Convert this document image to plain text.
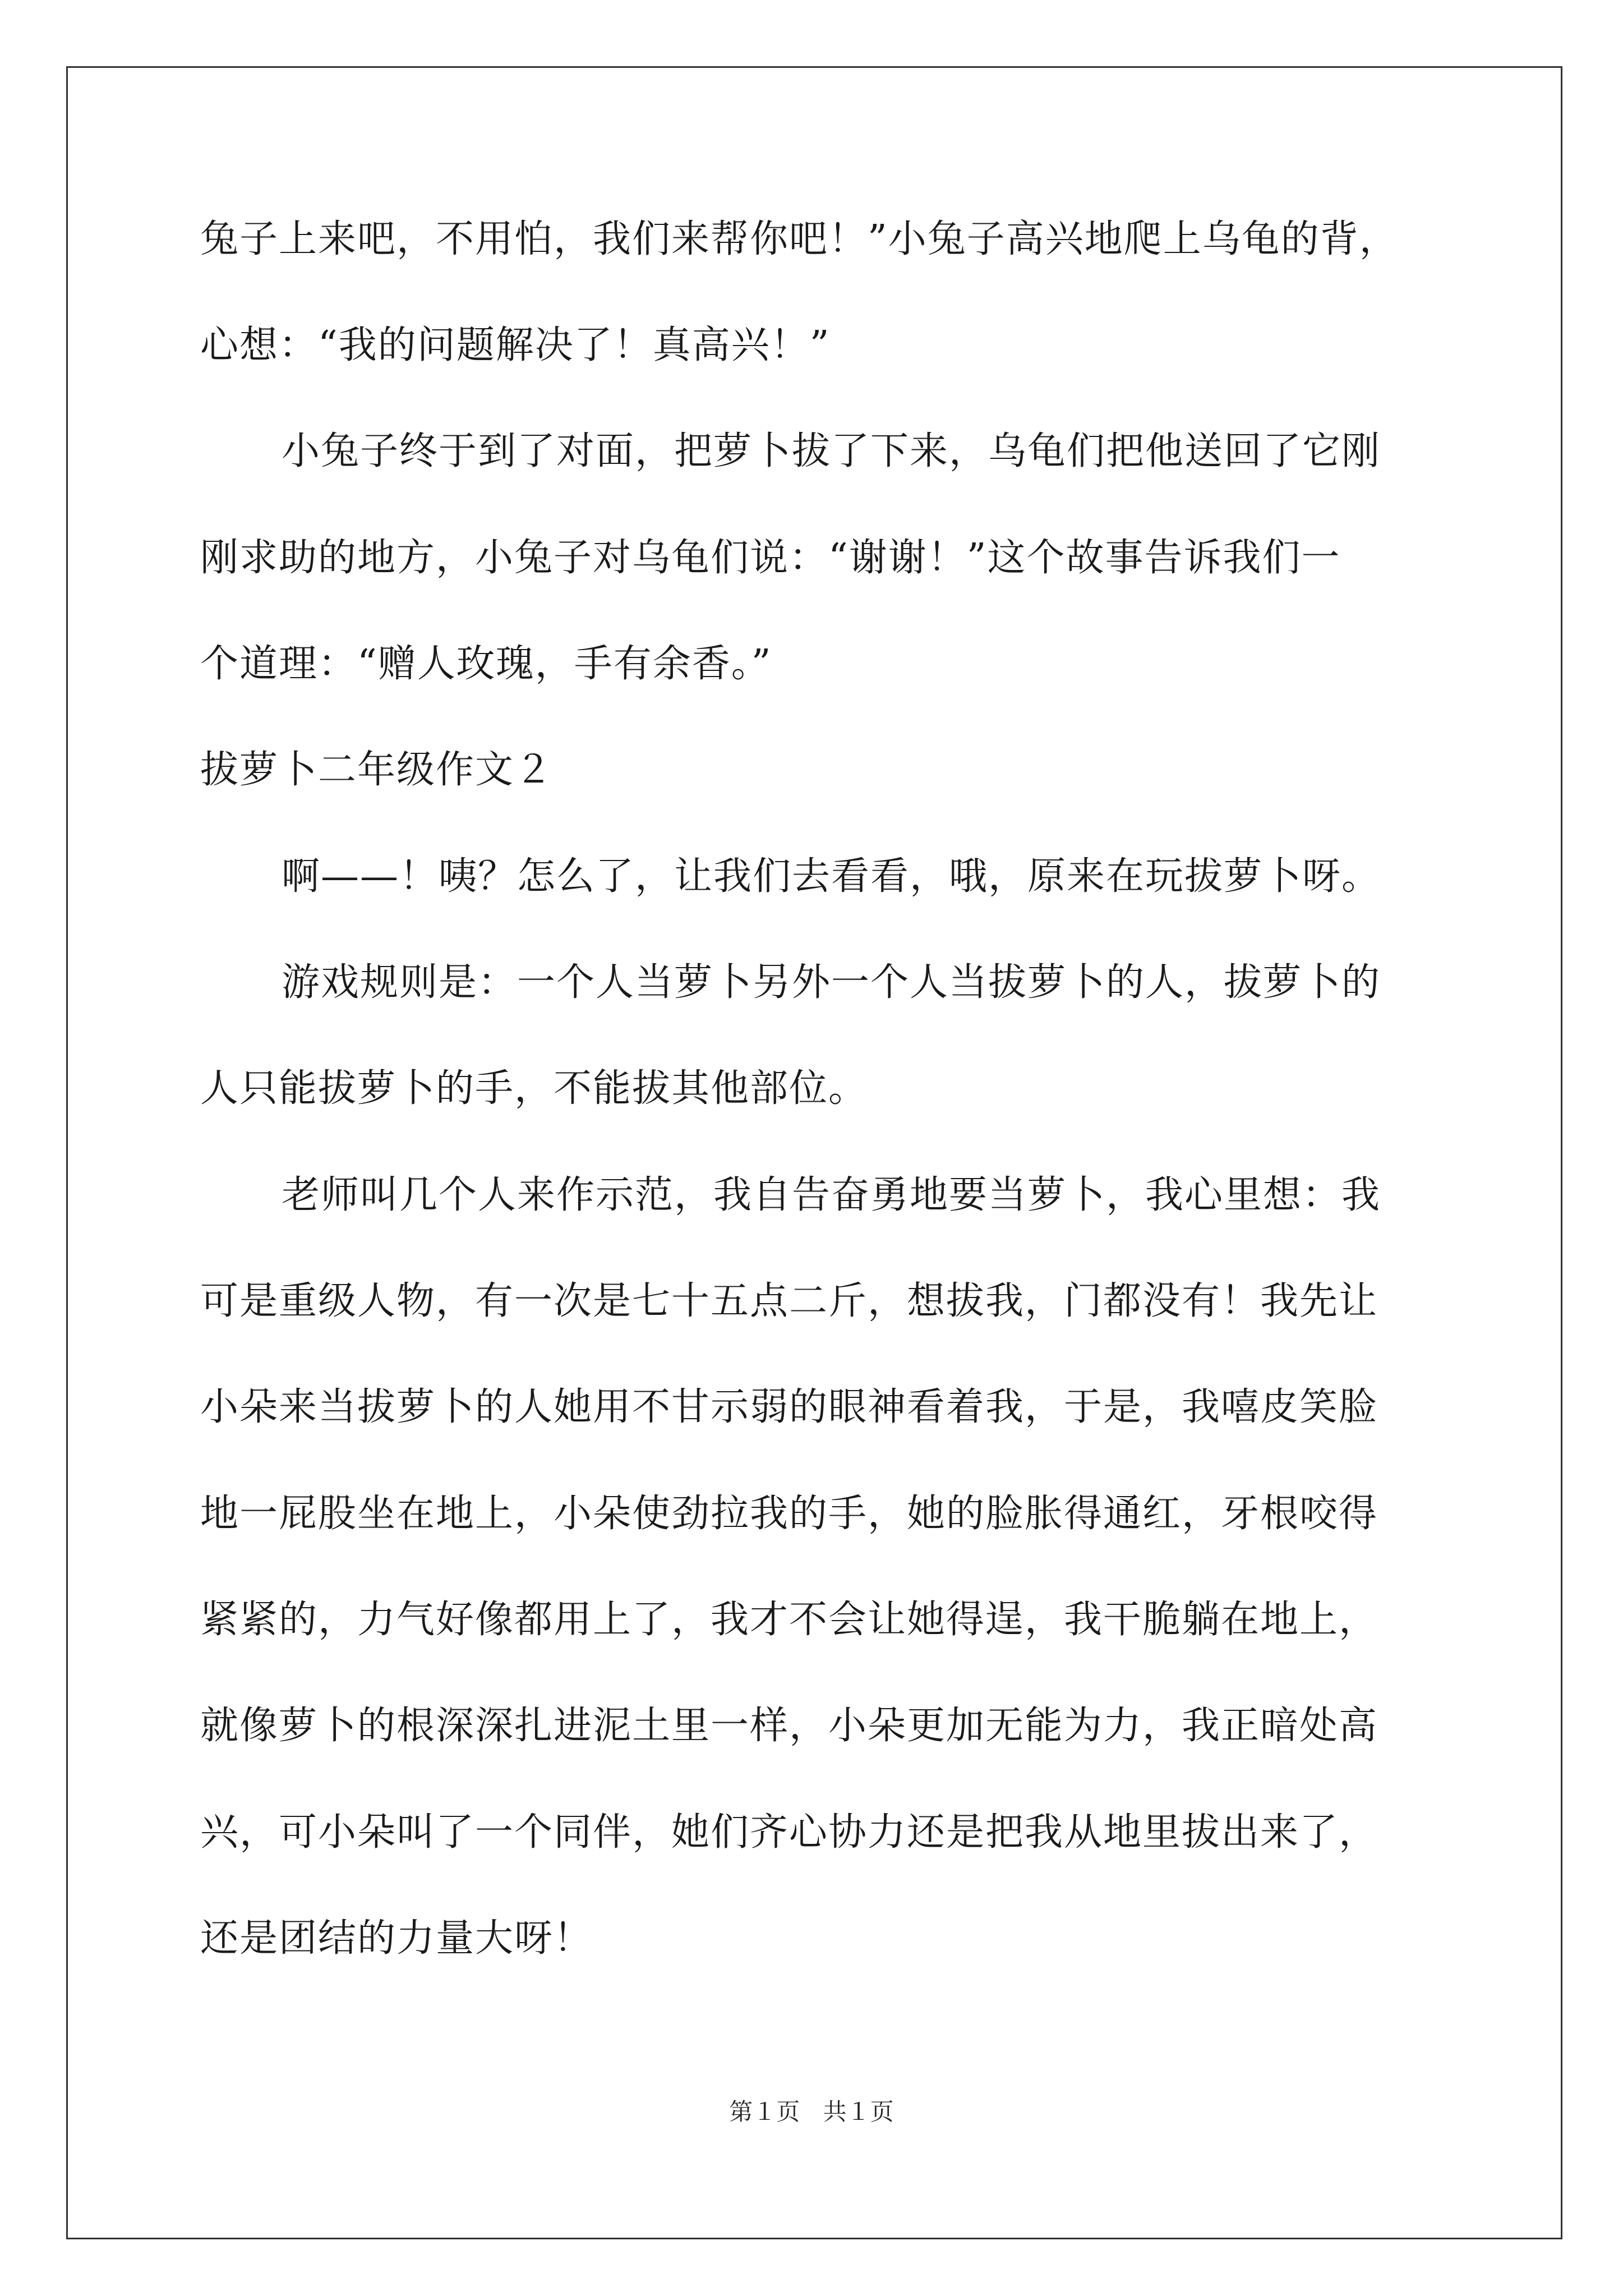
兔子上来吧，不用怕，我们来帮你吧！”小兔子高兴地爬上乌龟的背，
心想：“我的问题解决了！真高兴！”
小兔子终于到了对面，把萝卜拔了下来，乌龟们把他送回了它刚
刚求助的地方，小兔子对乌龟们说：“谢谢！”这个故事告诉我们一
个道理：“赠人玫瑰，手有余香。”
拔萝卜二年级作文２
啊——！咦？怎么了，让我们去看看，哦，原来在玩拔萝卜呀。
游戏规则是：一个人当萝卜另外一个人当拔萝卜的人，拔萝卜的
人只能拔萝卜的手，不能拔其他部位。
老师叫几个人来作示范，我自告奋勇地要当萝卜，我心里想：我
可是重级人物，有一次是七十五点二斤，想拔我，门都没有！我先让
小朵来当拔萝卜的人她用不甘示弱的眼神看着我，于是，我嘻皮笑脸
地一屁股坐在地上，小朵使劲拉我的手，她的脸胀得通红，牙根咬得
紧紧的，力气好像都用上了，我才不会让她得逞，我干脆躺在地上，
就像萝卜的根深深扎进泥土里一样，小朵更加无能为力，我正暗处高
兴，可小朵叫了一个同伴，她们齐心协力还是把我从地里拔出来了，
还是团结的力量大呀！
第１页 共１页
